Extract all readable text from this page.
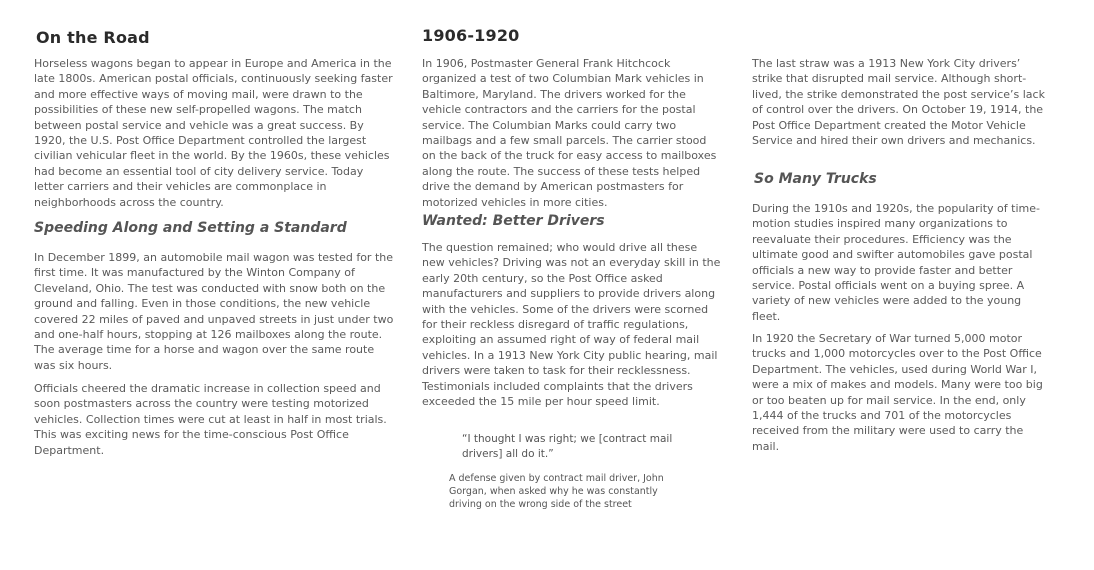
On the Road

Horseless wagons began to appear in Europe and America in the late 1800s. American postal officials, continuously seeking faster and more effective ways of moving mail, were drawn to the possibilities of these new self-propelled wagons. The match between postal service and vehicle was a great success. By 1920, the U.S. Post Office Department controlled the largest civilian vehicular fleet in the world. By the 1960s, these vehicles had become an essential tool of city delivery service. Today letter carriers and their vehicles are commonplace in neighborhoods across the country.

Speeding Along and Setting a Standard

In December 1899, an automobile mail wagon was tested for the first time. It was manufactured by the Winton Company of Cleveland, Ohio. The test was conducted with snow both on the ground and falling. Even in those conditions, the new vehicle covered 22 miles of paved and unpaved streets in just under two and one-half hours, stopping at 126 mailboxes along the route. The average time for a horse and wagon over the same route was six hours.

Officials cheered the dramatic increase in collection speed and soon postmasters across the country were testing motorized vehicles. Collection times were cut at least in half in most trials. This was exciting news for the time-conscious Post Office Department.

1906-1920

In 1906, Postmaster General Frank Hitchcock organized a test of two Columbian Mark vehicles in Baltimore, Maryland. The drivers worked for the vehicle contractors and the carriers for the postal service. The Columbian Marks could carry two mailbags and a few small parcels. The carrier stood on the back of the truck for easy access to mailboxes along the route. The success of these tests helped drive the demand by American postmasters for motorized vehicles in more cities.

Wanted: Better Drivers

The question remained; who would drive all these new vehicles? Driving was not an everyday skill in the early 20th century, so the Post Office asked manufacturers and suppliers to provide drivers along with the vehicles. Some of the drivers were scorned for their reckless disregard of traffic regulations, exploiting an assumed right of way of federal mail vehicles. In a 1913 New York City public hearing, mail drivers were taken to task for their recklessness. Testimonials included complaints that the drivers exceeded the 15 mile per hour speed limit.

“I thought I was right; we [contract mail drivers] all do it.”

A defense given by contract mail driver, John Gorgan, when asked why he was constantly driving on the wrong side of the street

The last straw was a 1913 New York City drivers’ strike that disrupted mail service. Although short-lived, the strike demonstrated the post service’s lack of control over the drivers. On October 19, 1914, the Post Office Department created the Motor Vehicle Service and hired their own drivers and mechanics.

So Many Trucks

During the 1910s and 1920s, the popularity of time-motion studies inspired many organizations to reevaluate their procedures. Efficiency was the ultimate good and swifter automobiles gave postal officials a new way to provide faster and better service. Postal officials went on a buying spree. A variety of new vehicles were added to the young fleet.

In 1920 the Secretary of War turned 5,000 motor trucks and 1,000 motorcycles over to the Post Office Department. The vehicles, used during World War I, were a mix of makes and models. Many were too big or too beaten up for mail service. In the end, only 1,444 of the trucks and 701 of the motorcycles received from the military were used to carry the mail.
